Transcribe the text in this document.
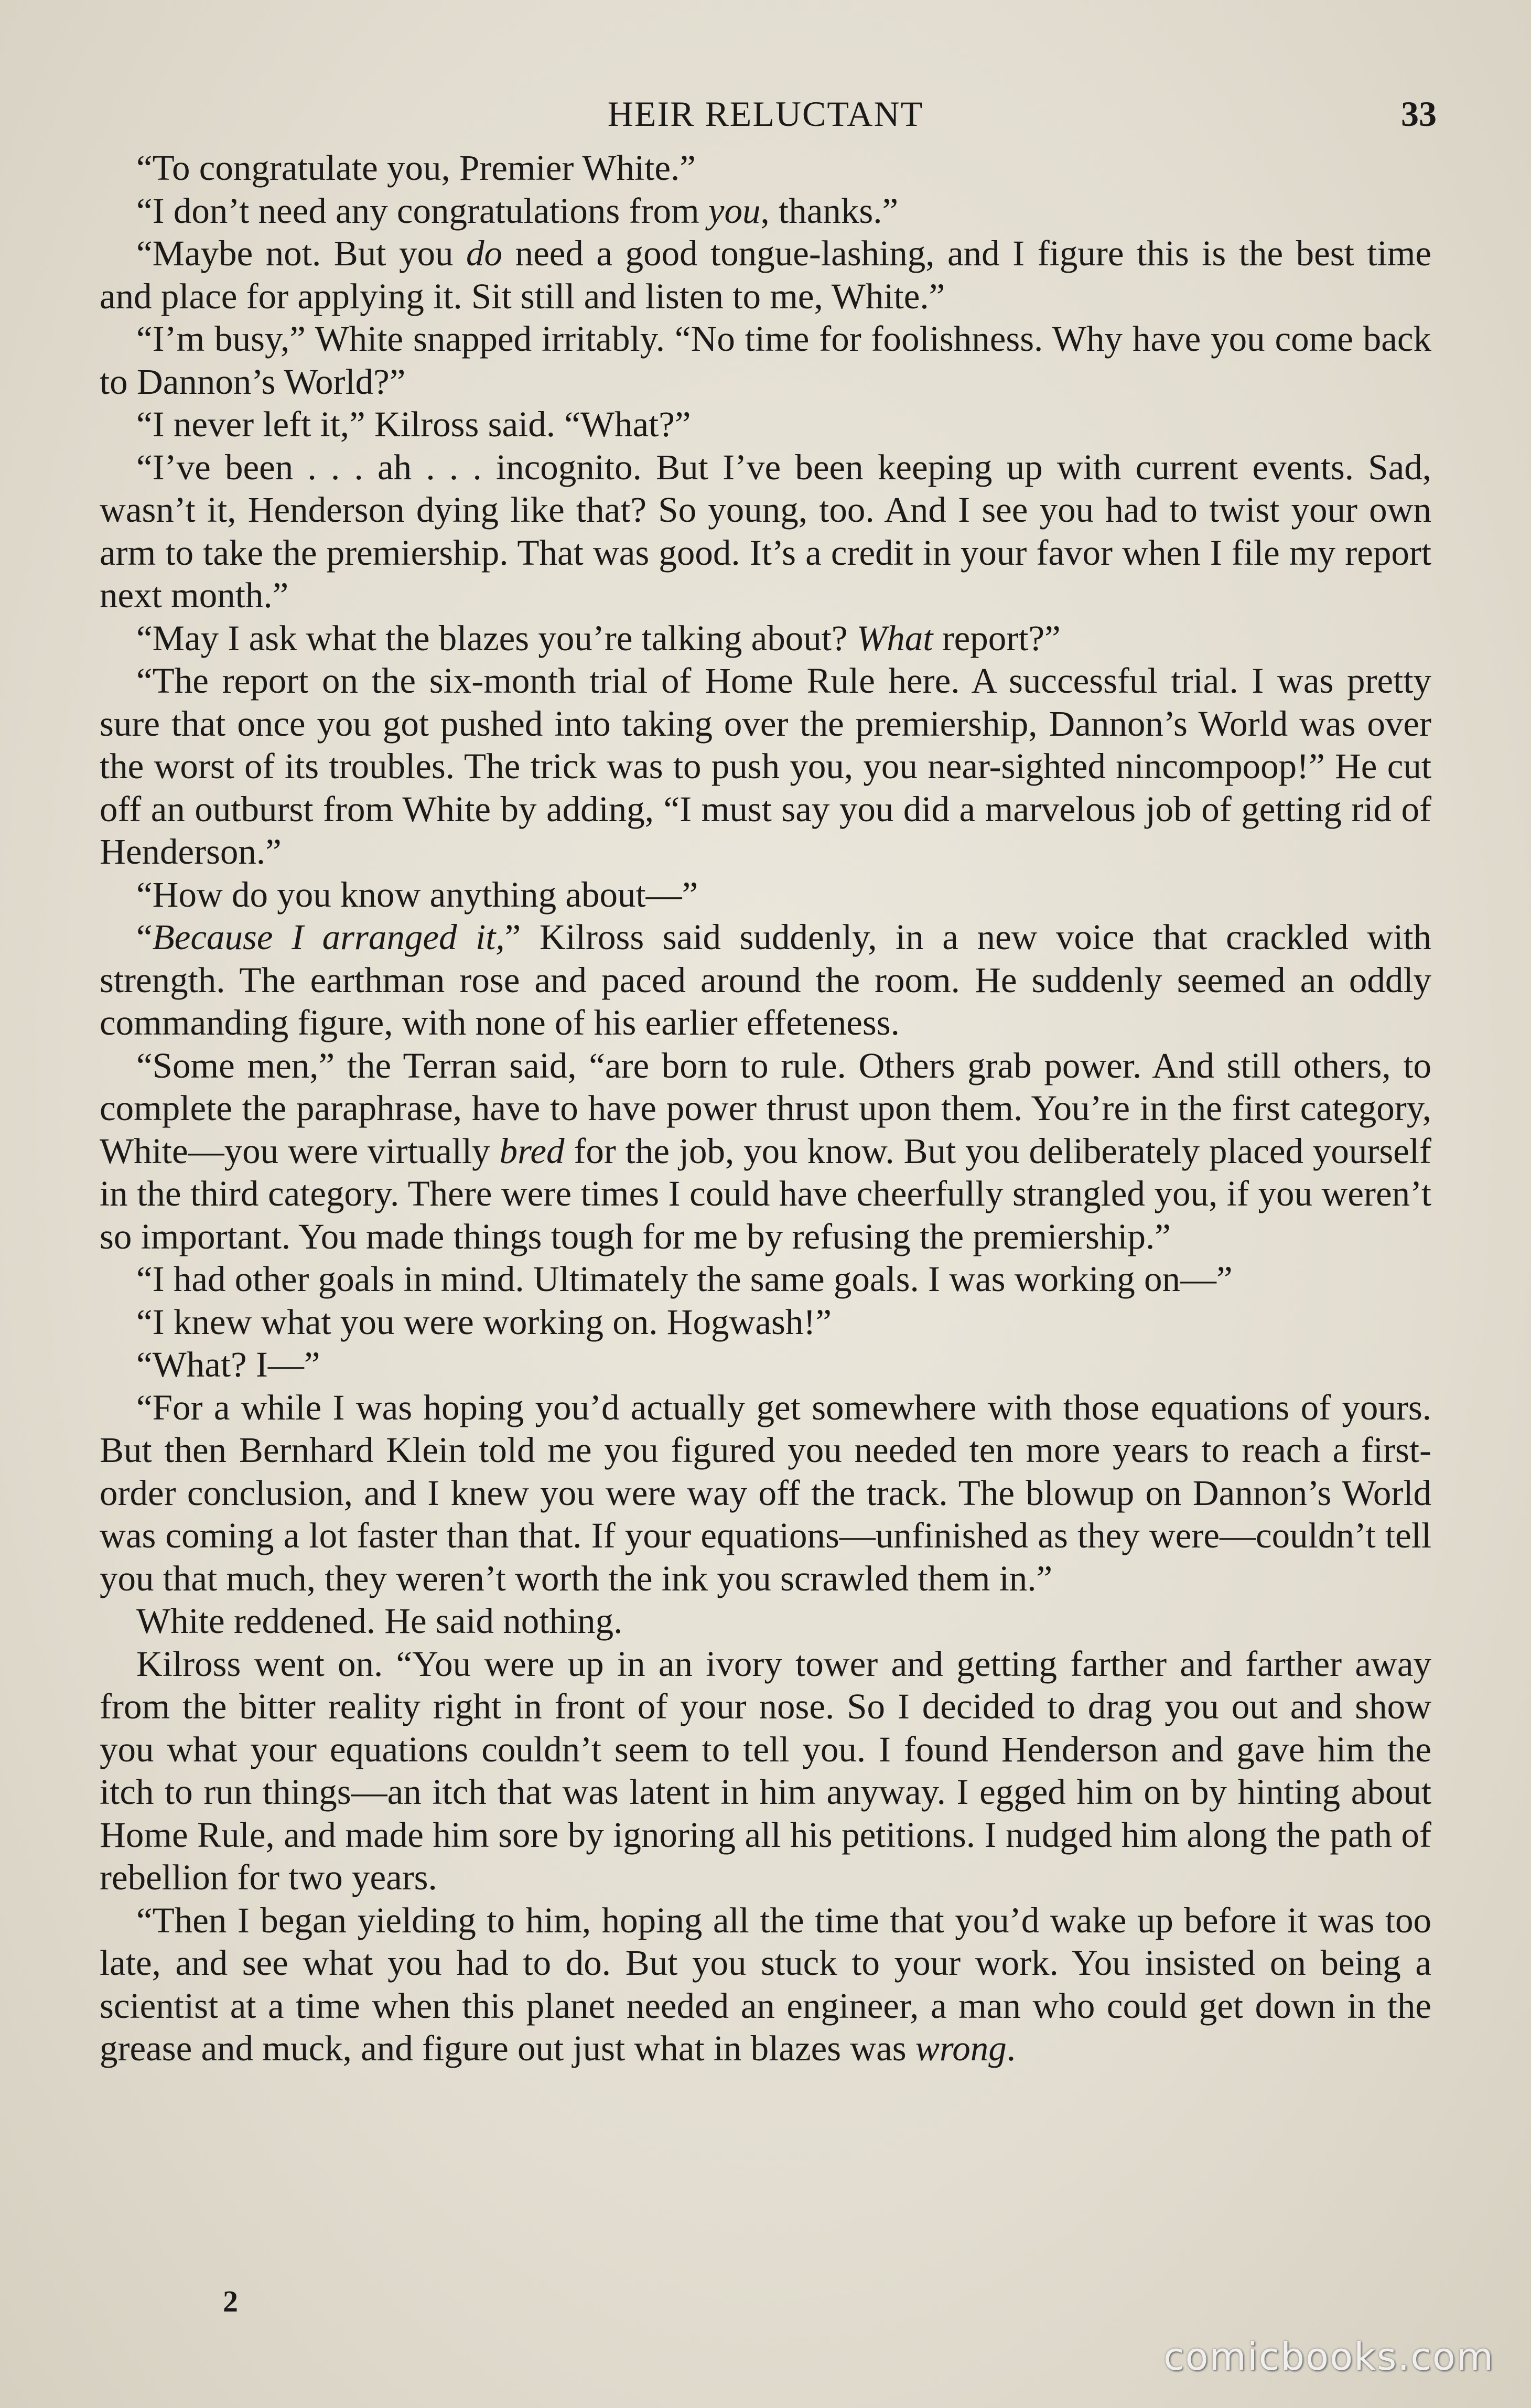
HEIR RELUCTANT	33

“To congratulate you, Premier White.”

“I don’t need any congratulations from you, thanks.”

“Maybe not. But you do need a good tongue-lashing, and I figure this is the best time and place for applying it. Sit still and listen to me, White.”

“I’m busy,” White snapped irritably. “No time for foolishness. Why have you come back to Dannon’s World?”

“I never left it,” Kilross said. “What?”

“I’ve been . . . ah . . . incognito. But I’ve been keeping up with current events. Sad, wasn’t it, Henderson dying like that? So young, too. And I see you had to twist your own arm to take the premiership. That was good. It’s a credit in your favor when I file my report next month.”

“May I ask what the blazes you’re talking about? What report?”

“The report on the six-month trial of Home Rule here. A successful trial. I was pretty sure that once you got pushed into taking over the premiership, Dannon’s World was over the worst of its troubles. The trick was to push you, you near-sighted nincompoop!” He cut off an outburst from White by adding, “I must say you did a marvelous job of getting rid of Henderson.”

“How do you know anything about—”

“Because I arranged it,” Kilross said suddenly, in a new voice that crackled with strength. The earthman rose and paced around the room. He suddenly seemed an oddly commanding figure, with none of his earlier effeteness.

“Some men,” the Terran said, “are born to rule. Others grab power. And still others, to complete the paraphrase, have to have power thrust upon them. You’re in the first category, White—you were virtually bred for the job, you know. But you deliberately placed yourself in the third category. There were times I could have cheerfully strangled you, if you weren’t so important. You made things tough for me by refusing the premiership.”

“I had other goals in mind. Ultimately the same goals. I was working on—”

“I knew what you were working on. Hogwash!”

“What? I—”

“For a while I was hoping you’d actually get somewhere with those equations of yours. But then Bernhard Klein told me you figured you needed ten more years to reach a first-order conclusion, and I knew you were way off the track. The blowup on Dannon’s World was coming a lot faster than that. If your equations—unfinished as they were—couldn’t tell you that much, they weren’t worth the ink you scrawled them in.”

White reddened. He said nothing.

Kilross went on. “You were up in an ivory tower and getting farther and farther away from the bitter reality right in front of your nose. So I decided to drag you out and show you what your equations couldn’t seem to tell you. I found Henderson and gave him the itch to run things—an itch that was latent in him anyway. I egged him on by hinting about Home Rule, and made him sore by ignoring all his petitions. I nudged him along the path of rebellion for two years.

“Then I began yielding to him, hoping all the time that you’d wake up before it was too late, and see what you had to do. But you stuck to your work. You insisted on being a scientist at a time when this planet needed an engineer, a man who could get down in the grease and muck, and figure out just what in blazes was wrong.

2
comicbooks.com
